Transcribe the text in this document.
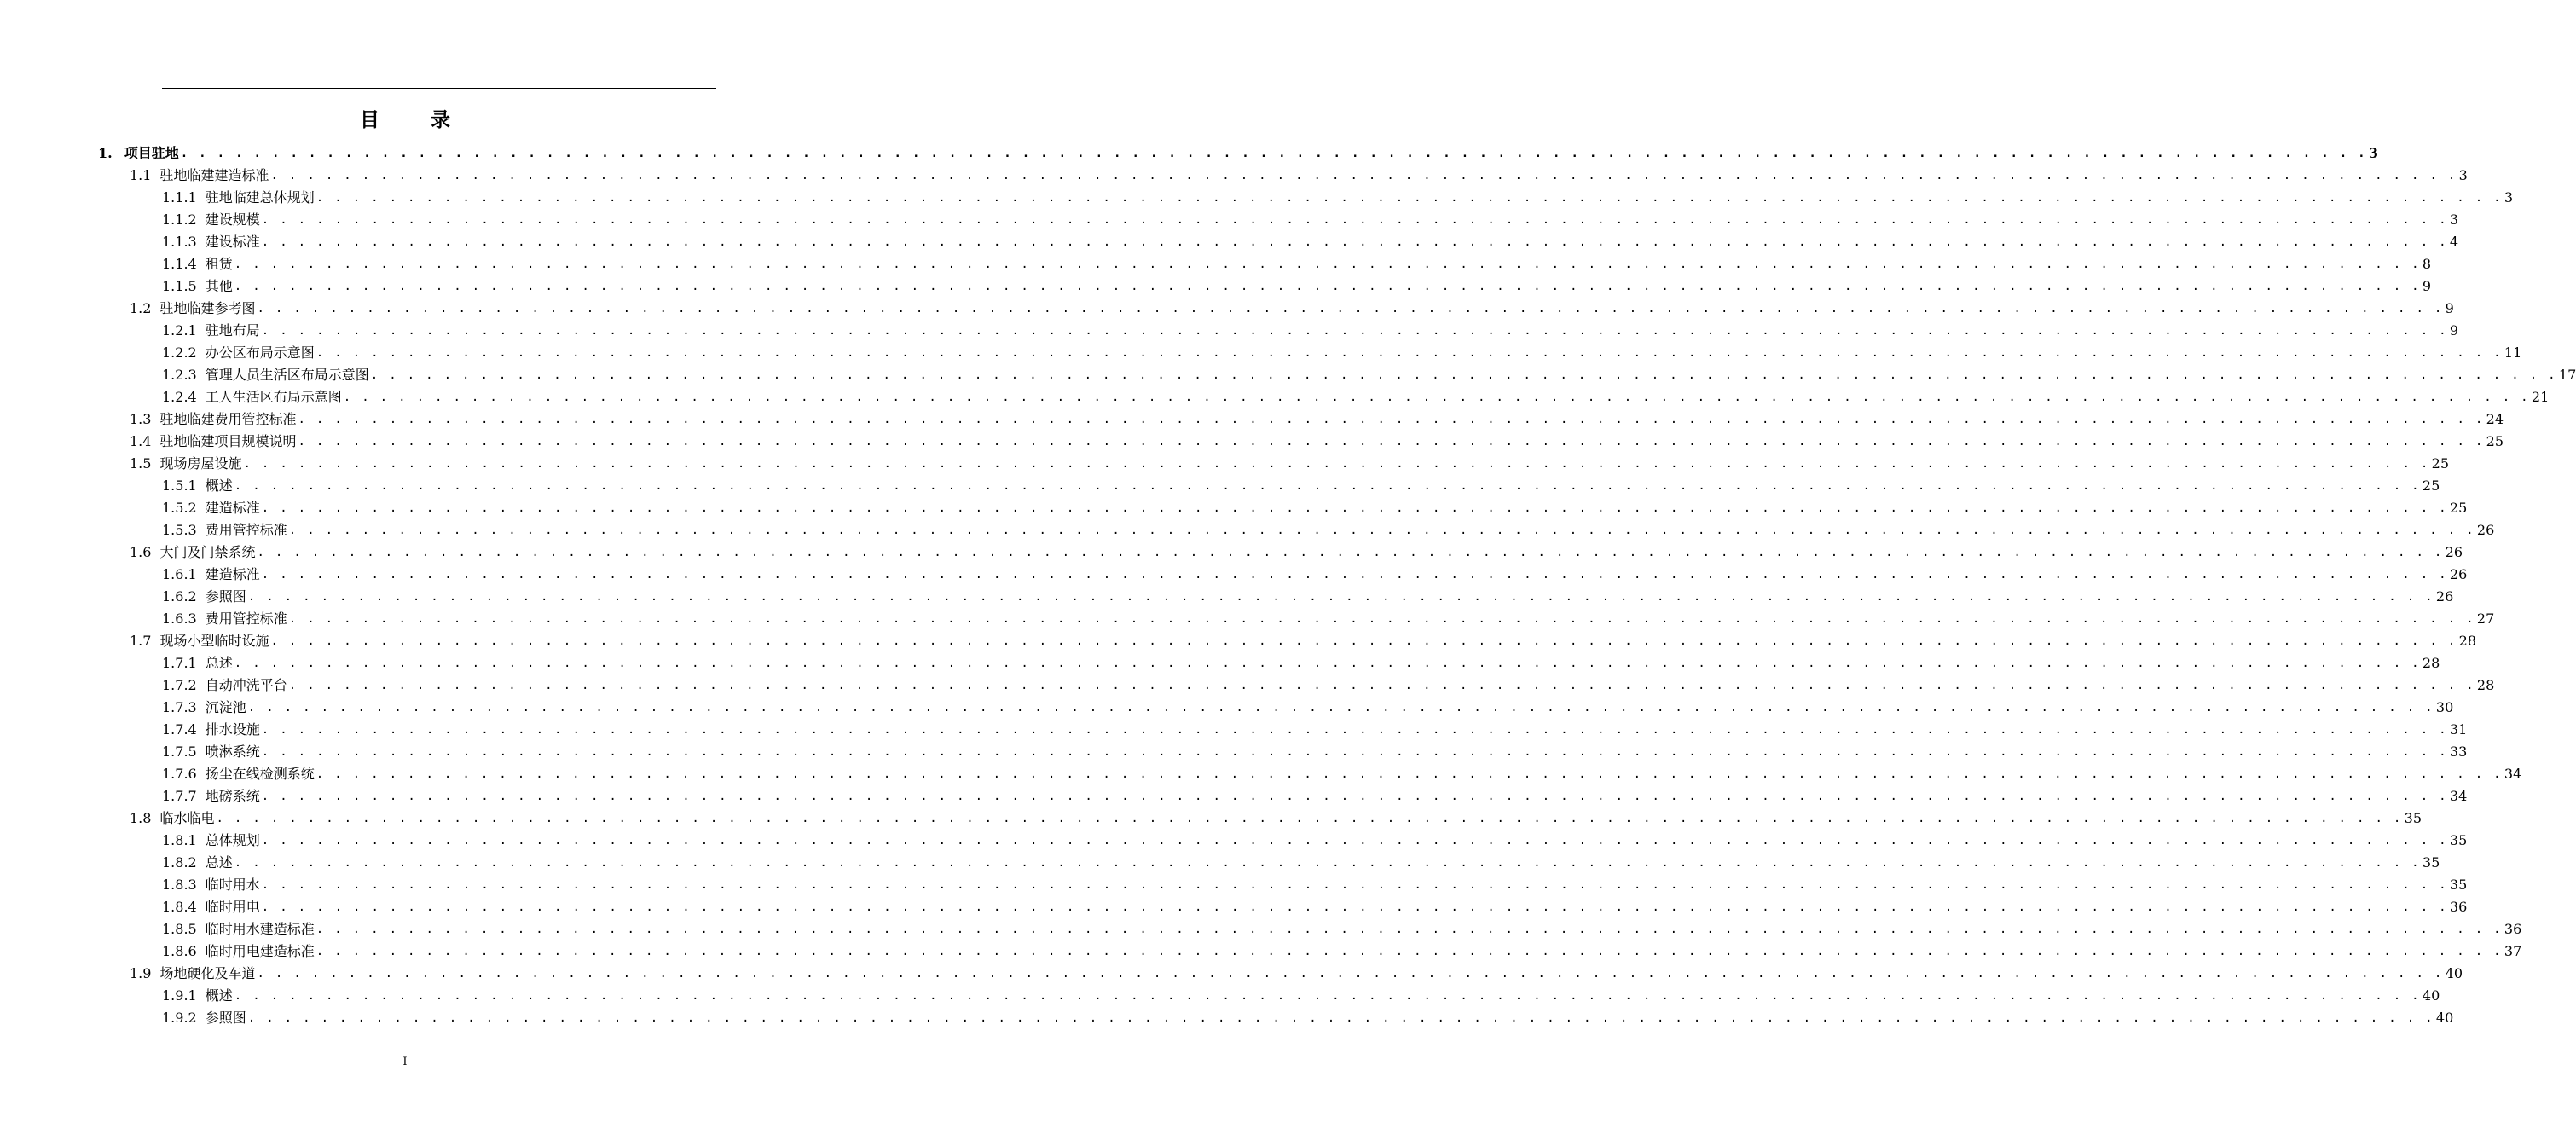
目 录
1. 项目驻地 . . . . . . . . . . . . . . . . . . . . . . . . . . . . . . . . . . . . . . . . . . . . . . . . . . . . . . . . . . . . . . . . . . . . . . . . . . . . . . . . . . . . . . . . . . . . . . . . . . . . . . . . . . . . . . . . . . . . . . . . 3
1.1 驻地临建建造标准 . . . . . . . . . . . . . . . . . . . . . . . . . . . . . . . . . . . . . . . . . . . . . . . . . . . . . . . . . . . . . . . . . . . . . . . . . . . . . . . . . . . . . . . . . . . . . . . . . . . . . . . . . . . . . . . . . . . . . . . . 3
1.1.1 驻地临建总体规划 . . . . . . . . . . . . . . . . . . . . . . . . . . . . . . . . . . . . . . . . . . . . . . . . . . . . . . . . . . . . . . . . . . . . . . . . . . . . . . . . . . . . . . . . . . . . . . . . . . . . . . . . . . . . . . . . . . . . . . . . 3
1.1.2 建设规模 . . . . . . . . . . . . . . . . . . . . . . . . . . . . . . . . . . . . . . . . . . . . . . . . . . . . . . . . . . . . . . . . . . . . . . . . . . . . . . . . . . . . . . . . . . . . . . . . . . . . . . . . . . . . . . . . . . . . . . . . 3
1.1.3 建设标准 . . . . . . . . . . . . . . . . . . . . . . . . . . . . . . . . . . . . . . . . . . . . . . . . . . . . . . . . . . . . . . . . . . . . . . . . . . . . . . . . . . . . . . . . . . . . . . . . . . . . . . . . . . . . . . . . . . . . . . . . 4
1.1.4 租赁 . . . . . . . . . . . . . . . . . . . . . . . . . . . . . . . . . . . . . . . . . . . . . . . . . . . . . . . . . . . . . . . . . . . . . . . . . . . . . . . . . . . . . . . . . . . . . . . . . . . . . . . . . . . . . . . . . . . . . . . . 8
1.1.5 其他 . . . . . . . . . . . . . . . . . . . . . . . . . . . . . . . . . . . . . . . . . . . . . . . . . . . . . . . . . . . . . . . . . . . . . . . . . . . . . . . . . . . . . . . . . . . . . . . . . . . . . . . . . . . . . . . . . . . . . . . . 9
1.2 驻地临建参考图 . . . . . . . . . . . . . . . . . . . . . . . . . . . . . . . . . . . . . . . . . . . . . . . . . . . . . . . . . . . . . . . . . . . . . . . . . . . . . . . . . . . . . . . . . . . . . . . . . . . . . . . . . . . . . . . . . . . . . . . . 9
1.2.1 驻地布局 . . . . . . . . . . . . . . . . . . . . . . . . . . . . . . . . . . . . . . . . . . . . . . . . . . . . . . . . . . . . . . . . . . . . . . . . . . . . . . . . . . . . . . . . . . . . . . . . . . . . . . . . . . . . . . . . . . . . . . . . 9
1.2.2 办公区布局示意图 . . . . . . . . . . . . . . . . . . . . . . . . . . . . . . . . . . . . . . . . . . . . . . . . . . . . . . . . . . . . . . . . . . . . . . . . . . . . . . . . . . . . . . . . . . . . . . . . . . . . . . . . . . . . . . . . . . . . . . . . 11
1.2.3 管理人员生活区布局示意图 . . . . . . . . . . . . . . . . . . . . . . . . . . . . . . . . . . . . . . . . . . . . . . . . . . . . . . . . . . . . . . . . . . . . . . . . . . . . . . . . . . . . . . . . . . . . . . . . . . . . . . . . . . . . . . . . . . . . . . . . 17
1.2.4 工人生活区布局示意图 . . . . . . . . . . . . . . . . . . . . . . . . . . . . . . . . . . . . . . . . . . . . . . . . . . . . . . . . . . . . . . . . . . . . . . . . . . . . . . . . . . . . . . . . . . . . . . . . . . . . . . . . . . . . . . . . . . . . . . . . 21
1.3 驻地临建费用管控标准 . . . . . . . . . . . . . . . . . . . . . . . . . . . . . . . . . . . . . . . . . . . . . . . . . . . . . . . . . . . . . . . . . . . . . . . . . . . . . . . . . . . . . . . . . . . . . . . . . . . . . . . . . . . . . . . . . . . . . . . . 24
1.4 驻地临建项目规模说明 . . . . . . . . . . . . . . . . . . . . . . . . . . . . . . . . . . . . . . . . . . . . . . . . . . . . . . . . . . . . . . . . . . . . . . . . . . . . . . . . . . . . . . . . . . . . . . . . . . . . . . . . . . . . . . . . . . . . . . . . 25
1.5 现场房屋设施 . . . . . . . . . . . . . . . . . . . . . . . . . . . . . . . . . . . . . . . . . . . . . . . . . . . . . . . . . . . . . . . . . . . . . . . . . . . . . . . . . . . . . . . . . . . . . . . . . . . . . . . . . . . . . . . . . . . . . . . . 25
1.5.1 概述 . . . . . . . . . . . . . . . . . . . . . . . . . . . . . . . . . . . . . . . . . . . . . . . . . . . . . . . . . . . . . . . . . . . . . . . . . . . . . . . . . . . . . . . . . . . . . . . . . . . . . . . . . . . . . . . . . . . . . . . . 25
1.5.2 建造标准 . . . . . . . . . . . . . . . . . . . . . . . . . . . . . . . . . . . . . . . . . . . . . . . . . . . . . . . . . . . . . . . . . . . . . . . . . . . . . . . . . . . . . . . . . . . . . . . . . . . . . . . . . . . . . . . . . . . . . . . . 25
1.5.3 费用管控标准 . . . . . . . . . . . . . . . . . . . . . . . . . . . . . . . . . . . . . . . . . . . . . . . . . . . . . . . . . . . . . . . . . . . . . . . . . . . . . . . . . . . . . . . . . . . . . . . . . . . . . . . . . . . . . . . . . . . . . . . . 26
1.6 大门及门禁系统 . . . . . . . . . . . . . . . . . . . . . . . . . . . . . . . . . . . . . . . . . . . . . . . . . . . . . . . . . . . . . . . . . . . . . . . . . . . . . . . . . . . . . . . . . . . . . . . . . . . . . . . . . . . . . . . . . . . . . . . . 26
1.6.1 建造标准 . . . . . . . . . . . . . . . . . . . . . . . . . . . . . . . . . . . . . . . . . . . . . . . . . . . . . . . . . . . . . . . . . . . . . . . . . . . . . . . . . . . . . . . . . . . . . . . . . . . . . . . . . . . . . . . . . . . . . . . . 26
1.6.2 参照图 . . . . . . . . . . . . . . . . . . . . . . . . . . . . . . . . . . . . . . . . . . . . . . . . . . . . . . . . . . . . . . . . . . . . . . . . . . . . . . . . . . . . . . . . . . . . . . . . . . . . . . . . . . . . . . . . . . . . . . . . 26
1.6.3 费用管控标准 . . . . . . . . . . . . . . . . . . . . . . . . . . . . . . . . . . . . . . . . . . . . . . . . . . . . . . . . . . . . . . . . . . . . . . . . . . . . . . . . . . . . . . . . . . . . . . . . . . . . . . . . . . . . . . . . . . . . . . . . 27
1.7 现场小型临时设施 . . . . . . . . . . . . . . . . . . . . . . . . . . . . . . . . . . . . . . . . . . . . . . . . . . . . . . . . . . . . . . . . . . . . . . . . . . . . . . . . . . . . . . . . . . . . . . . . . . . . . . . . . . . . . . . . . . . . . . . . 28
1.7.1 总述 . . . . . . . . . . . . . . . . . . . . . . . . . . . . . . . . . . . . . . . . . . . . . . . . . . . . . . . . . . . . . . . . . . . . . . . . . . . . . . . . . . . . . . . . . . . . . . . . . . . . . . . . . . . . . . . . . . . . . . . . 28
1.7.2 自动冲洗平台 . . . . . . . . . . . . . . . . . . . . . . . . . . . . . . . . . . . . . . . . . . . . . . . . . . . . . . . . . . . . . . . . . . . . . . . . . . . . . . . . . . . . . . . . . . . . . . . . . . . . . . . . . . . . . . . . . . . . . . . . 28
1.7.3 沉淀池 . . . . . . . . . . . . . . . . . . . . . . . . . . . . . . . . . . . . . . . . . . . . . . . . . . . . . . . . . . . . . . . . . . . . . . . . . . . . . . . . . . . . . . . . . . . . . . . . . . . . . . . . . . . . . . . . . . . . . . . . 30
1.7.4 排水设施 . . . . . . . . . . . . . . . . . . . . . . . . . . . . . . . . . . . . . . . . . . . . . . . . . . . . . . . . . . . . . . . . . . . . . . . . . . . . . . . . . . . . . . . . . . . . . . . . . . . . . . . . . . . . . . . . . . . . . . . . 31
1.7.5 喷淋系统 . . . . . . . . . . . . . . . . . . . . . . . . . . . . . . . . . . . . . . . . . . . . . . . . . . . . . . . . . . . . . . . . . . . . . . . . . . . . . . . . . . . . . . . . . . . . . . . . . . . . . . . . . . . . . . . . . . . . . . . . 33
1.7.6 扬尘在线检测系统 . . . . . . . . . . . . . . . . . . . . . . . . . . . . . . . . . . . . . . . . . . . . . . . . . . . . . . . . . . . . . . . . . . . . . . . . . . . . . . . . . . . . . . . . . . . . . . . . . . . . . . . . . . . . . . . . . . . . . . . . 34
1.7.7 地磅系统 . . . . . . . . . . . . . . . . . . . . . . . . . . . . . . . . . . . . . . . . . . . . . . . . . . . . . . . . . . . . . . . . . . . . . . . . . . . . . . . . . . . . . . . . . . . . . . . . . . . . . . . . . . . . . . . . . . . . . . . . 34
1.8 临水临电 . . . . . . . . . . . . . . . . . . . . . . . . . . . . . . . . . . . . . . . . . . . . . . . . . . . . . . . . . . . . . . . . . . . . . . . . . . . . . . . . . . . . . . . . . . . . . . . . . . . . . . . . . . . . . . . . . . . . . . . . 35
1.8.1 总体规划 . . . . . . . . . . . . . . . . . . . . . . . . . . . . . . . . . . . . . . . . . . . . . . . . . . . . . . . . . . . . . . . . . . . . . . . . . . . . . . . . . . . . . . . . . . . . . . . . . . . . . . . . . . . . . . . . . . . . . . . . 35
1.8.2 总述 . . . . . . . . . . . . . . . . . . . . . . . . . . . . . . . . . . . . . . . . . . . . . . . . . . . . . . . . . . . . . . . . . . . . . . . . . . . . . . . . . . . . . . . . . . . . . . . . . . . . . . . . . . . . . . . . . . . . . . . . 35
1.8.3 临时用水 . . . . . . . . . . . . . . . . . . . . . . . . . . . . . . . . . . . . . . . . . . . . . . . . . . . . . . . . . . . . . . . . . . . . . . . . . . . . . . . . . . . . . . . . . . . . . . . . . . . . . . . . . . . . . . . . . . . . . . . . 35
1.8.4 临时用电 . . . . . . . . . . . . . . . . . . . . . . . . . . . . . . . . . . . . . . . . . . . . . . . . . . . . . . . . . . . . . . . . . . . . . . . . . . . . . . . . . . . . . . . . . . . . . . . . . . . . . . . . . . . . . . . . . . . . . . . . 36
1.8.5 临时用水建造标准 . . . . . . . . . . . . . . . . . . . . . . . . . . . . . . . . . . . . . . . . . . . . . . . . . . . . . . . . . . . . . . . . . . . . . . . . . . . . . . . . . . . . . . . . . . . . . . . . . . . . . . . . . . . . . . . . . . . . . . . . 36
1.8.6 临时用电建造标准 . . . . . . . . . . . . . . . . . . . . . . . . . . . . . . . . . . . . . . . . . . . . . . . . . . . . . . . . . . . . . . . . . . . . . . . . . . . . . . . . . . . . . . . . . . . . . . . . . . . . . . . . . . . . . . . . . . . . . . . . 37
1.9 场地硬化及车道 . . . . . . . . . . . . . . . . . . . . . . . . . . . . . . . . . . . . . . . . . . . . . . . . . . . . . . . . . . . . . . . . . . . . . . . . . . . . . . . . . . . . . . . . . . . . . . . . . . . . . . . . . . . . . . . . . . . . . . . . 40
1.9.1 概述 . . . . . . . . . . . . . . . . . . . . . . . . . . . . . . . . . . . . . . . . . . . . . . . . . . . . . . . . . . . . . . . . . . . . . . . . . . . . . . . . . . . . . . . . . . . . . . . . . . . . . . . . . . . . . . . . . . . . . . . . 40
1.9.2 参照图 . . . . . . . . . . . . . . . . . . . . . . . . . . . . . . . . . . . . . . . . . . . . . . . . . . . . . . . . . . . . . . . . . . . . . . . . . . . . . . . . . . . . . . . . . . . . . . . . . . . . . . . . . . . . . . . . . . . . . . . . 40
I
